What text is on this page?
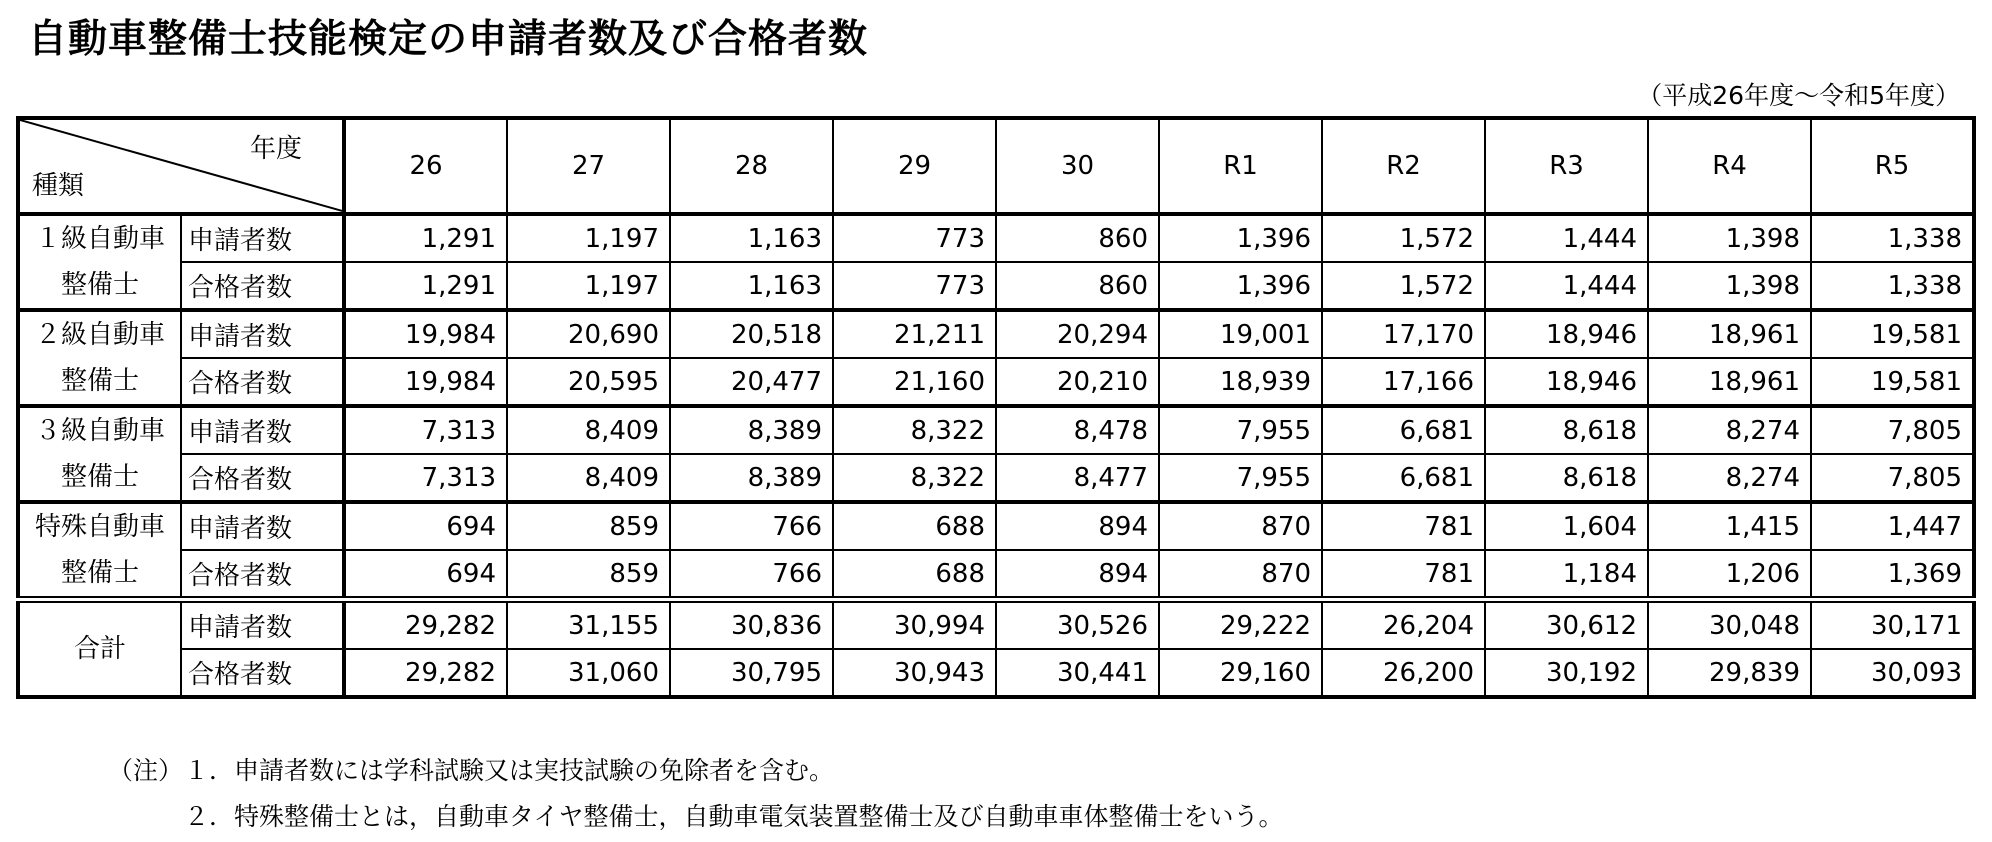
自動車整備士技能検定の申請者数及び合格者数
（平成26年度～令和5年度）
年度
種類		26	27	28	29	30	R1	R2	R3	R4	R5
１級自動車
整備士	申請者数	1,291	1,197	1,163	773	860	1,396	1,572	1,444	1,398	1,338
	合格者数	1,291	1,197	1,163	773	860	1,396	1,572	1,444	1,398	1,338
２級自動車
整備士	申請者数	19,984	20,690	20,518	21,211	20,294	19,001	17,170	18,946	18,961	19,581
	合格者数	19,984	20,595	20,477	21,160	20,210	18,939	17,166	18,946	18,961	19,581
３級自動車
整備士	申請者数	7,313	8,409	8,389	8,322	8,478	7,955	6,681	8,618	8,274	7,805
	合格者数	7,313	8,409	8,389	8,322	8,477	7,955	6,681	8,618	8,274	7,805
特殊自動車
整備士	申請者数	694	859	766	688	894	870	781	1,604	1,415	1,447
	合格者数	694	859	766	688	894	870	781	1,184	1,206	1,369
合計	申請者数	29,282	31,155	30,836	30,994	30,526	29,222	26,204	30,612	30,048	30,171
	合格者数	29,282	31,060	30,795	30,943	30,441	29,160	26,200	30,192	29,839	30,093
（注）１．申請者数には学科試験又は実技試験の免除者を含む。
２．特殊整備士とは，自動車タイヤ整備士，自動車電気装置整備士及び自動車車体整備士をいう。
